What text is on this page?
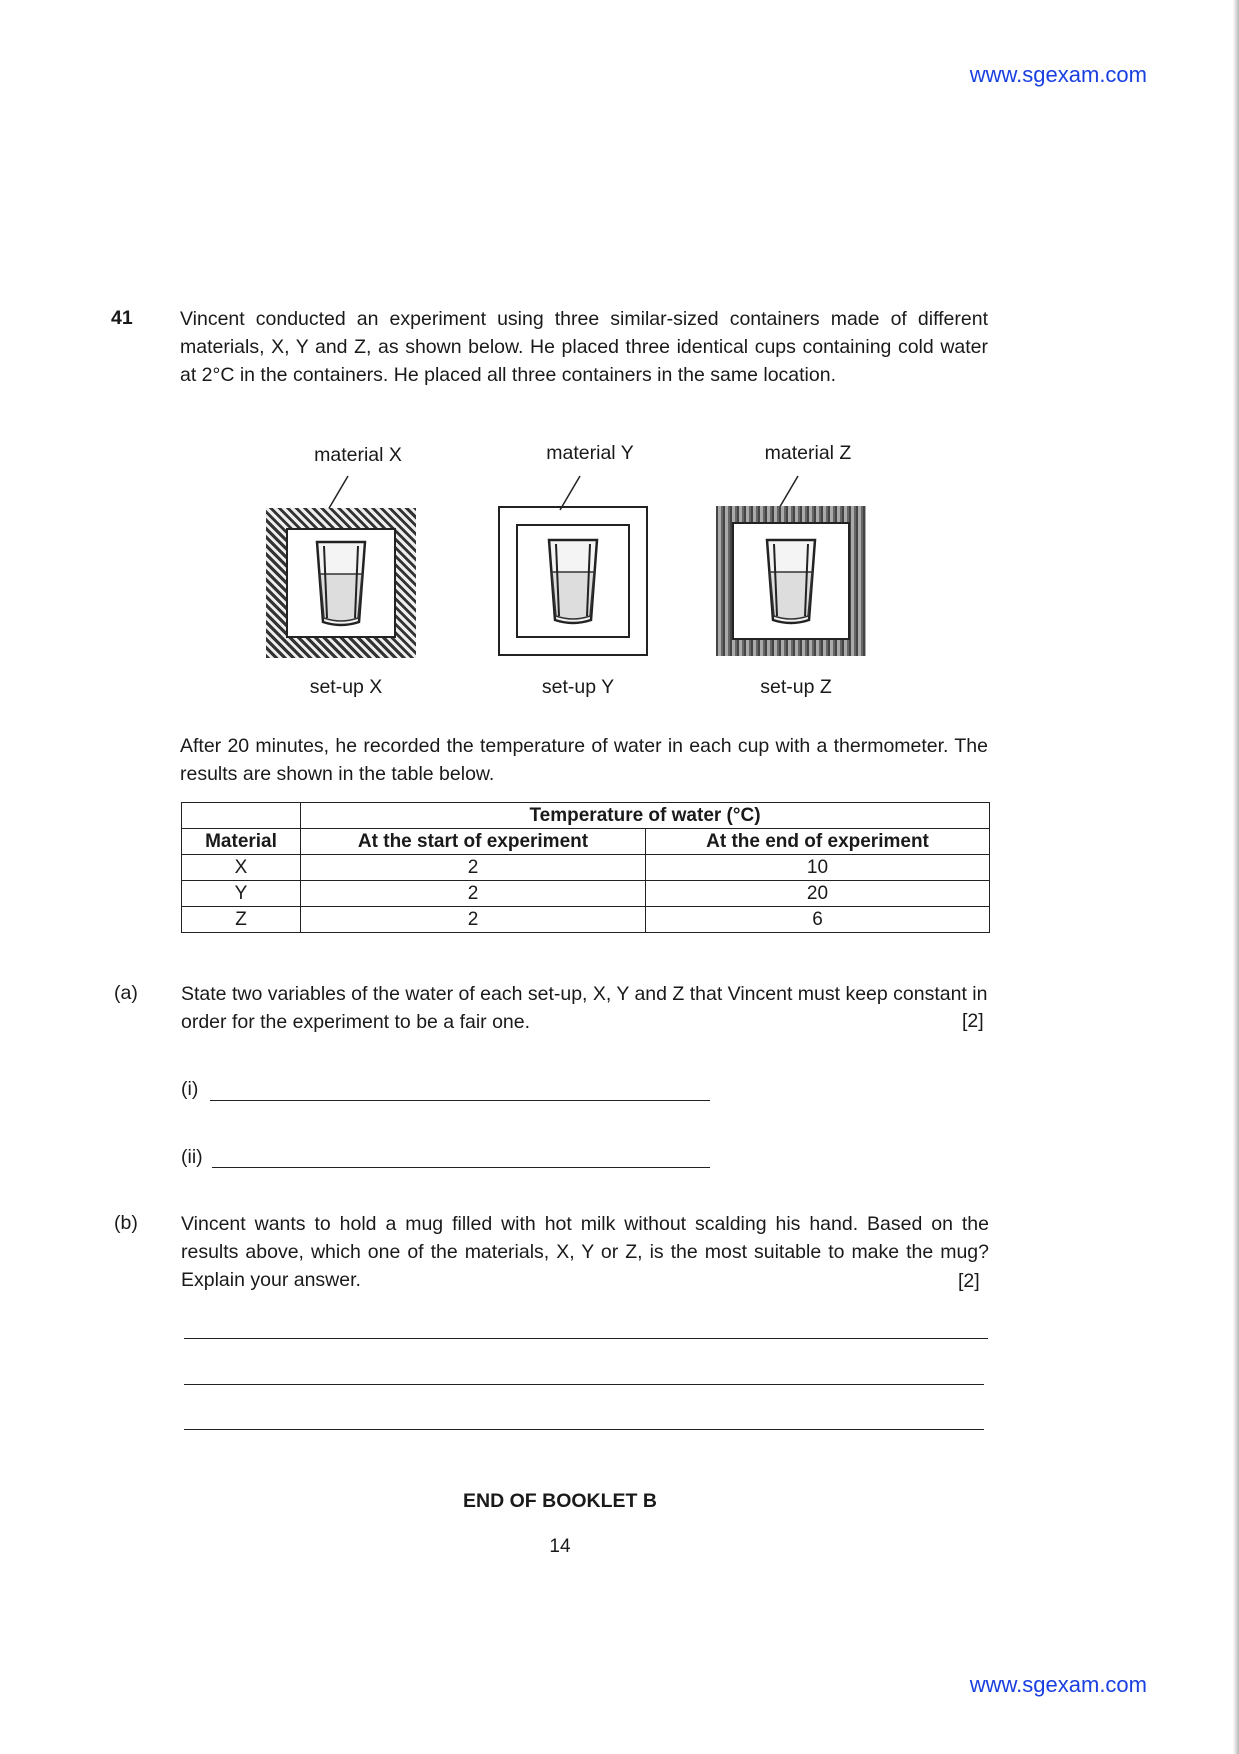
www.sgexam.com
41 Vincent conducted an experiment using three similar-sized containers made of different materials, X, Y and Z, as shown below. He placed three identical cups containing cold water at 2°C in the containers. He placed all three containers in the same location.

material X	material Y	material Z
set-up X	set-up Y	set-up Z

After 20 minutes, he recorded the temperature of water in each cup with a thermometer. The results are shown in the table below.

	Temperature of water (°C)	
Material	At the start of experiment	At the end of experiment
X	2	10
Y	2	20
Z	2	6
(a) State two variables of the water of each set-up, X, Y and Z that Vincent must keep constant in order for the experiment to be a fair one.	[2]
(i)
(ii)
(b) Vincent wants to hold a mug filled with hot milk without scalding his hand. Based on the results above, which one of the materials, X, Y or Z, is the most suitable to make the mug? Explain your answer.	[2]
END OF BOOKLET B
14
www.sgexam.com
